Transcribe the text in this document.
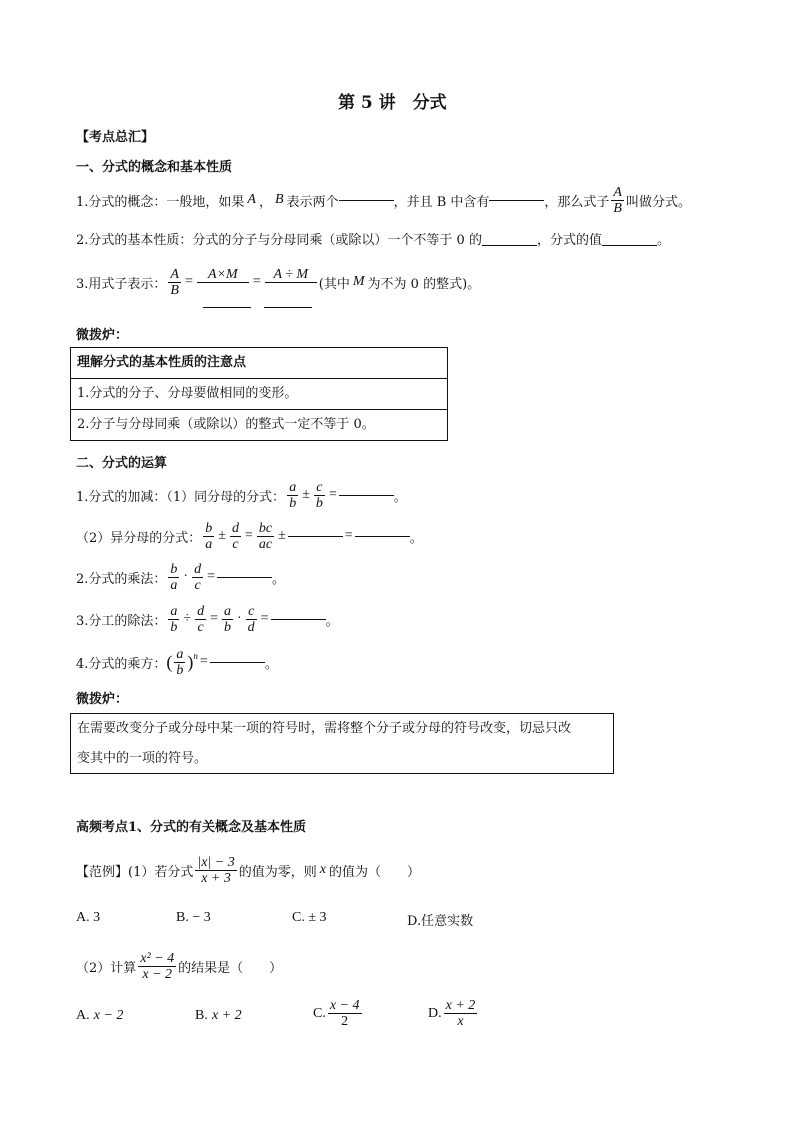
第 5 讲　分式
【考点总汇】
一、分式的概念和基本性质
1.分式的概念：一般地，如果 A ， B 表示两个	，并且 B 中含有	，那么式子 $\frac{A}{B}$ 叫做分式。
2.分式的基本性质：分式的分子与分母同乘（或除以）一个不等于 0 的	，分式的值	。
3.用式子表示： $\frac{A}{B}$ =	A×M	= A ÷ M
(其中 M 为不为 0 的整式)。
微拨炉：
理解分式的基本性质的注意点
1.分式的分子、分母要做相同的变形。
2.分子与分母同乘（或除以）的整式一定不等于 0。
二、分式的运算
1.分式的加减：（1）同分母的分式： $\frac{a}{b} \pm \frac{c}{b}$ =	。
（2）异分母的分式： $\frac{b}{a} \pm \frac{d}{c} = \frac{bc}{ac}$ ±	=	。
2.分式的乘法： $\frac{b}{a} \cdot \frac{d}{c}$ =	。
3.分工的除法： $\frac{a}{b} \div \frac{d}{c} = \frac{a}{b} \cdot \frac{c}{d}$ =	。
4.分式的乘方： ( $\frac{a}{b} )^n$ =	。
微拨炉：
在需要改变分子或分母中某一项的符号时，需将整个分子或分母的符号改变，切忌只改
变其中的一项的符号。
高频考点1、分式的有关概念及基本性质
【范例】(1）若分式 $\frac{|x| - 3}{x + 3}$ 的值为零，则 x 的值为（　　）
A. 3	B. − 3	C. ± 3	D.任意实数
（2）计算 $\frac{\text{x² − 4}}{x - 2}$ 的结果是（　　）
A. x − 2	B. x + 2	C. $\frac{x - 4}{2}$	D. $\frac{x + 2}{x}$
